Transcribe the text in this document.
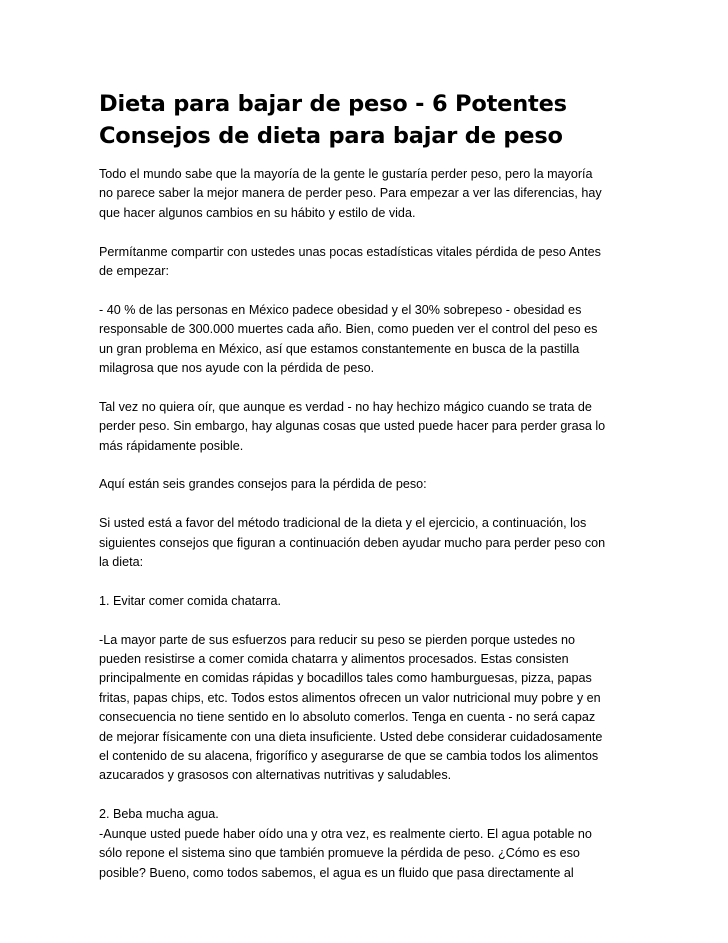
Dieta para bajar de peso - 6 Potentes
Consejos de dieta para bajar de peso

Todo el mundo sabe que la mayoría de la gente le gustaría perder peso, pero la mayoría
no parece saber la mejor manera de perder peso. Para empezar a ver las diferencias, hay
que hacer algunos cambios en su hábito y estilo de vida.

Permítanme compartir con ustedes unas pocas estadísticas vitales pérdida de peso Antes
de empezar:

- 40 % de las personas en México padece obesidad y el 30% sobrepeso - obesidad es
responsable de 300.000 muertes cada año. Bien, como pueden ver el control del peso es
un gran problema en México, así que estamos constantemente en busca de la pastilla
milagrosa que nos ayude con la pérdida de peso.

Tal vez no quiera oír, que aunque es verdad - no hay hechizo mágico cuando se trata de
perder peso. Sin embargo, hay algunas cosas que usted puede hacer para perder grasa lo
más rápidamente posible.

Aquí están seis grandes consejos para la pérdida de peso:

Si usted está a favor del método tradicional de la dieta y el ejercicio, a continuación, los
siguientes consejos que figuran a continuación deben ayudar mucho para perder peso con
la dieta:

1. Evitar comer comida chatarra.

-La mayor parte de sus esfuerzos para reducir su peso se pierden porque ustedes no
pueden resistirse a comer comida chatarra y alimentos procesados. Estas consisten
principalmente en comidas rápidas y bocadillos tales como hamburguesas, pizza, papas
fritas, papas chips, etc. Todos estos alimentos ofrecen un valor nutricional muy pobre y en
consecuencia no tiene sentido en lo absoluto comerlos. Tenga en cuenta - no será capaz
de mejorar físicamente con una dieta insuficiente. Usted debe considerar cuidadosamente
el contenido de su alacena, frigorífico y asegurarse de que se cambia todos los alimentos
azucarados y grasosos con alternativas nutritivas y saludables.

2. Beba mucha agua.

-Aunque usted puede haber oído una y otra vez, es realmente cierto. El agua potable no
sólo repone el sistema sino que también promueve la pérdida de peso. ¿Cómo es eso
posible? Bueno, como todos sabemos, el agua es un fluido que pasa directamente al
